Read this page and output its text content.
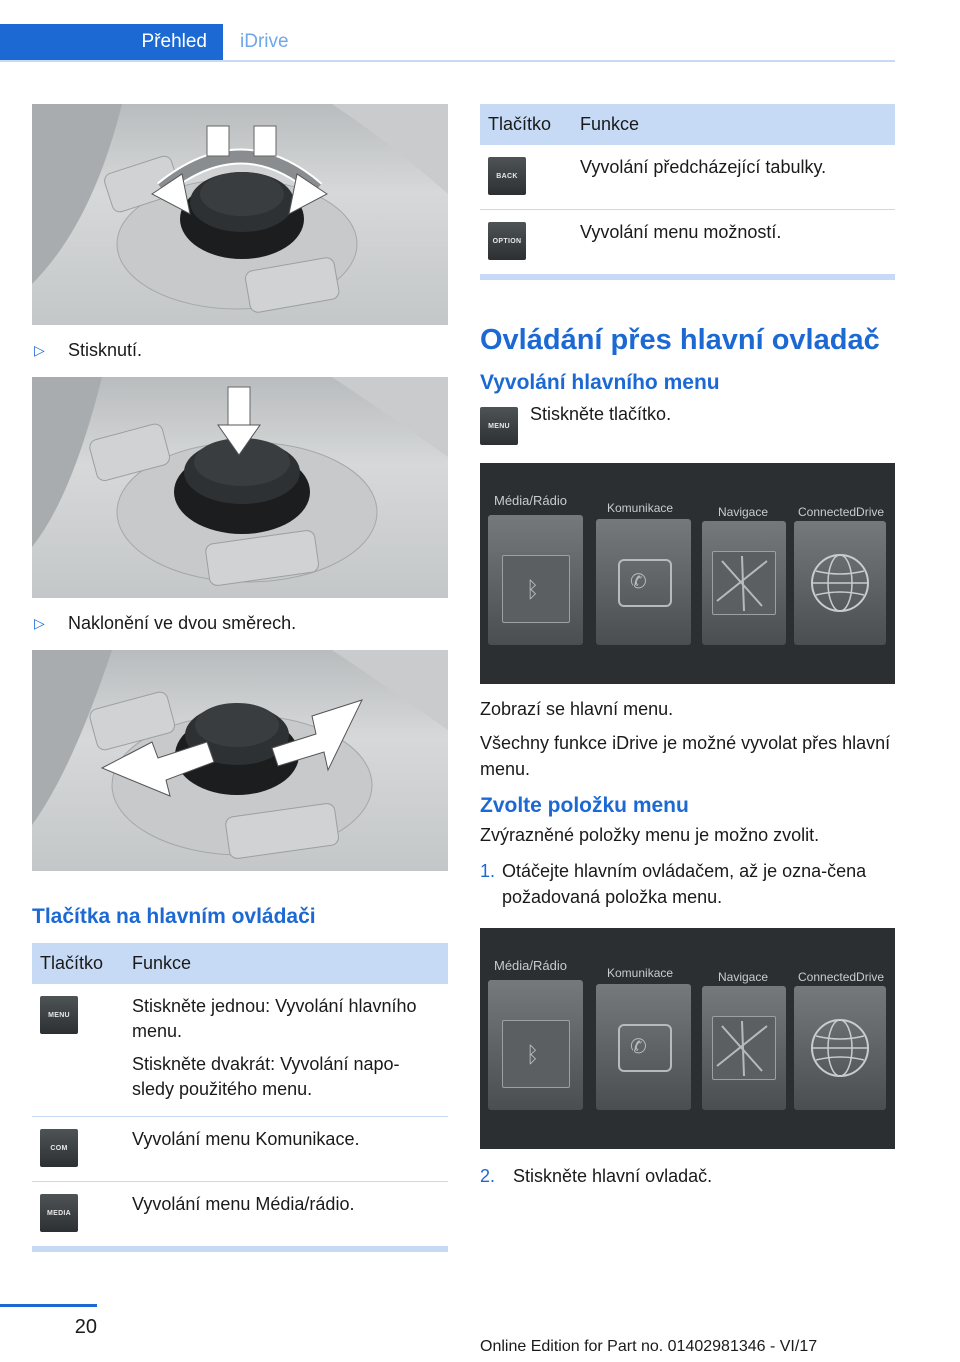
Přehled	iDrive
▷	Stisknutí.
▷	Naklonění ve dvou směrech.
Tlačítka na hlavním ovládači
Tlačítko	Funkce

MENU	Stiskněte jednou: Vyvolání hlavního menu.
Stiskněte dvakrát: Vyvolání napo-sledy použitého menu.

COM	Vyvolání menu Komunikace.

MEDIA	Vyvolání menu Média/rádio.
Tlačítko	Funkce

BACK	Vyvolání předcházející tabulky.

OPTION	Vyvolání menu možností.
Ovládání přes hlavní ovladač
Vyvolání hlavního menu
MENU
Stiskněte tlačítko.
Média/Rádio	Komunikace	Navigace ConnectedDrive
ᛒ	✆
Zobrazí se hlavní menu.
Všechny funkce iDrive je možné vyvolat přes hlavní menu.
Zvolte položku menu
Zvýrazněné položky menu je možno zvolit.
1. Otáčejte hlavním ovládačem, až je ozna-čena požadovaná položka menu.
Média/Rádio	Komunikace	Navigace ConnectedDrive
ᛒ	✆
2. Stiskněte hlavní ovladač.
20
Online Edition for Part no. 01402981346 - VI/17
